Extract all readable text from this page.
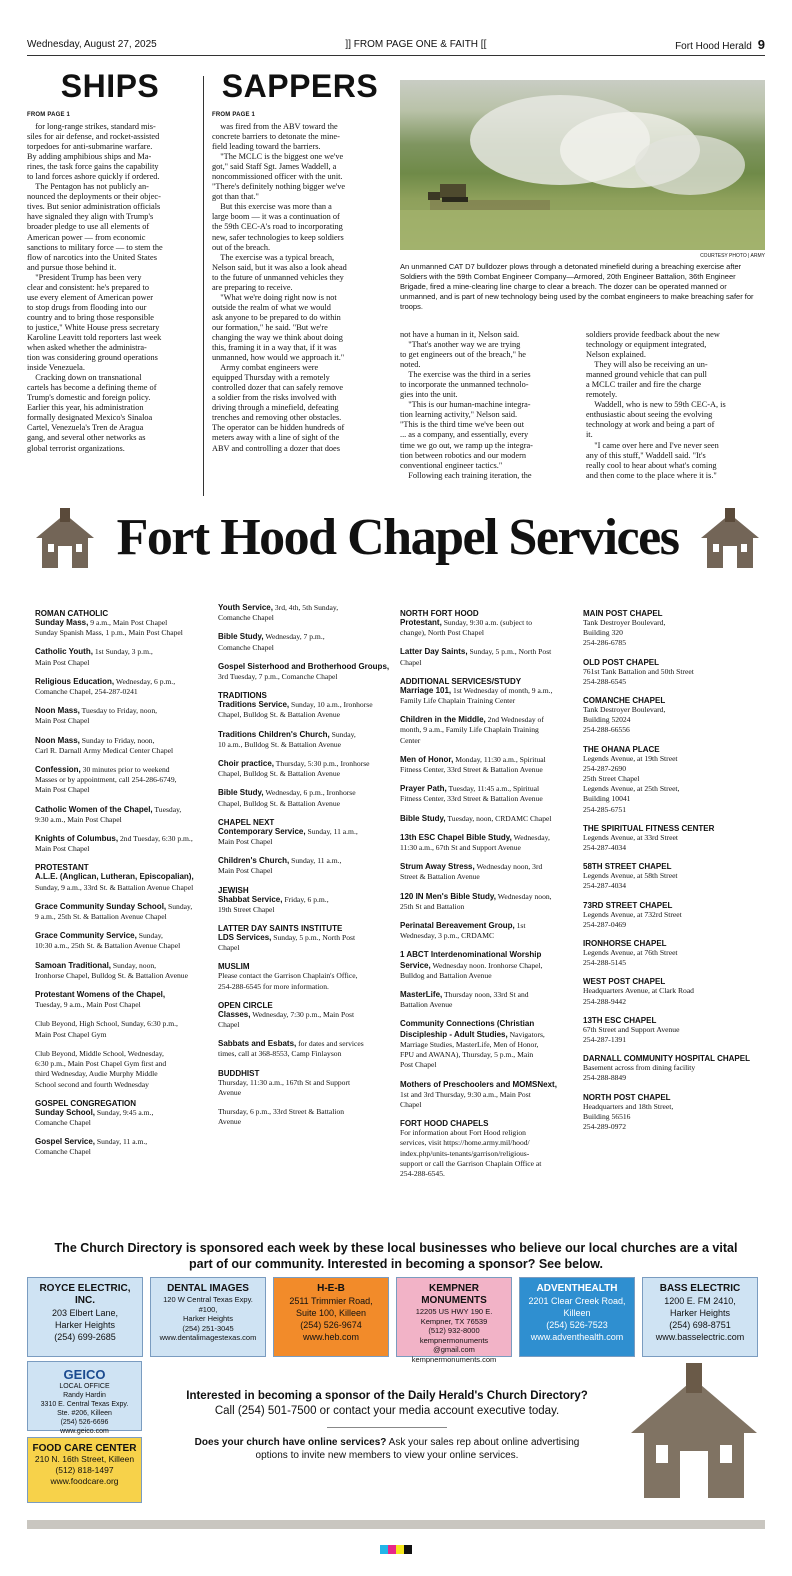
Wednesday, August 27, 2025	]] FROM PAGE ONE & FAITH [[	Fort Hood Herald 9
SHIPS
FROM PAGE 1
for long-range strikes, standard mis-
siles for air defense, and rocket-assisted
torpedoes for anti-submarine warfare.
By adding amphibious ships and Ma-
rines, the task force gains the capability
to land forces ashore quickly if ordered.
The Pentagon has not publicly an-
nounced the deployments or their objec-
tives. But senior administration officials
have signaled they align with Trump's
broader pledge to use all elements of
American power — from economic
sanctions to military force — to stem the
flow of narcotics into the United States
and pursue those behind it.
"President Trump has been very
clear and consistent: he's prepared to
use every element of American power
to stop drugs from flooding into our
country and to bring those responsible
to justice," White House press secretary
Karoline Leavitt told reporters last week
when asked whether the administra-
tion was considering ground operations
inside Venezuela.
Cracking down on transnational
cartels has become a defining theme of
Trump's domestic and foreign policy.
Earlier this year, his administration
formally designated Mexico's Sinaloa
Cartel, Venezuela's Tren de Aragua
gang, and several other networks as
global terrorist organizations.
SAPPERS
FROM PAGE 1
was fired from the ABV toward the
concrete barriers to detonate the mine-
field leading toward the barriers.
"The MCLC is the biggest one we've
got," said Staff Sgt. James Waddell, a
noncommissioned officer with the unit.
"There's definitely nothing bigger we've
got than that."
But this exercise was more than a
large boom — it was a continuation of
the 59th CEC-A's road to incorporating
new, safer technologies to keep soldiers
out of the breach.
The exercise was a typical breach,
Nelson said, but it was also a look ahead
to the future of unmanned vehicles they
are preparing to receive.
"What we're doing right now is not
outside the realm of what we would
ask anyone to be prepared to do within
our formation," he said. "But we're
changing the way we think about doing
this, framing it in a way that, if it was
unmanned, how would we approach it."
Army combat engineers were
equipped Thursday with a remotely
controlled dozer that can safely remove
a soldier from the risks involved with
driving through a minefield, defeating
trenches and removing other obstacles.
The operator can be hidden hundreds of
meters away with a line of sight of the
ABV and controlling a dozer that does
COURTESY PHOTO | ARMY
An unmanned CAT D7 bulldozer plows through a detonated minefield during a breaching exercise after Soldiers with the 59th Combat Engineer Company—Armored, 20th Engineer Battalion, 36th Engineer Brigade, fired a mine-clearing line charge to clear a breach. The dozer can be operated manned or unmanned, and is part of new technology being used by the combat engineers to make breaching safer for troops.
not have a human in it, Nelson said.
"That's another way we are trying
to get engineers out of the breach," he
noted.
The exercise was the third in a series
to incorporate the unmanned technolo-
gies into the unit.
"This is our human-machine integra-
tion learning activity," Nelson said.
"This is the third time we've been out
... as a company, and essentially, every
time we go out, we ramp up the integra-
tion between robotics and our modern
conventional engineer tactics."
Following each training iteration, the
soldiers provide feedback about the new
technology or equipment integrated,
Nelson explained.
They will also be receiving an un-
manned ground vehicle that can pull
a MCLC trailer and fire the charge
remotely.
Waddell, who is new to 59th CEC-A, is
enthusiastic about seeing the evolving
technology at work and being a part of
it.
"I came over here and I've never seen
any of this stuff," Waddell said. "It's
really cool to hear about what's coming
and then come to the place where it is."
Fort Hood Chapel Services
ROMAN CATHOLIC
Sunday Mass, 9 a.m., Main Post Chapel
Sunday Spanish Mass, 1 p.m., Main Post Chapel
Catholic Youth, 1st Sunday, 3 p.m.,
Main Post Chapel
Religious Education, Wednesday, 6 p.m.,
Comanche Chapel, 254-287-0241
Noon Mass, Tuesday to Friday, noon,
Main Post Chapel
Noon Mass, Sunday to Friday, noon,
Carl R. Darnall Army Medical Center Chapel
Confession, 30 minutes prior to weekend
Masses or by appointment, call 254-286-6749,
Main Post Chapel
Catholic Women of the Chapel, Tuesday,
9:30 a.m., Main Post Chapel
Knights of Columbus, 2nd Tuesday, 6:30 p.m.,
Main Post Chapel
PROTESTANT
A.L.E. (Anglican, Lutheran, Episcopalian),
Sunday, 9 a.m., 33rd St. & Battalion Avenue Chapel
Grace Community Sunday School, Sunday,
9 a.m., 25th St. & Battalion Avenue Chapel
Grace Community Service, Sunday,
10:30 a.m., 25th St. & Battalion Avenue Chapel
Samoan Traditional, Sunday, noon,
Ironhorse Chapel, Bulldog St. & Battalion Avenue
Protestant Womens of the Chapel,
Tuesday, 9 a.m., Main Post Chapel
Club Beyond, High School, Sunday, 6:30 p.m.,
Main Post Chapel Gym
Club Beyond, Middle School, Wednesday,
6:30 p.m., Main Post Chapel Gym first and
third Wednesday, Audie Murphy Middle
School second and fourth Wednesday
GOSPEL CONGREGATION
Sunday School, Sunday, 9:45 a.m.,
Comanche Chapel
Gospel Service, Sunday, 11 a.m.,
Comanche Chapel
Youth Service, 3rd, 4th, 5th Sunday,
Comanche Chapel
Bible Study, Wednesday, 7 p.m.,
Comanche Chapel
Gospel Sisterhood and Brotherhood Groups,
3rd Tuesday, 7 p.m., Comanche Chapel
TRADITIONS
Traditions Service, Sunday, 10 a.m., Ironhorse
Chapel, Bulldog St. & Battalion Avenue
Traditions Children's Church, Sunday,
10 a.m., Bulldog St. & Battalion Avenue
Choir practice, Thursday, 5:30 p.m., Ironhorse
Chapel, Bulldog St. & Battalion Avenue
Bible Study, Wednesday, 6 p.m., Ironhorse
Chapel, Bulldog St. & Battalion Avenue
CHAPEL NEXT
Contemporary Service, Sunday, 11 a.m.,
Main Post Chapel
Children's Church, Sunday, 11 a.m.,
Main Post Chapel
JEWISH
Shabbat Service, Friday, 6 p.m.,
19th Street Chapel
LATTER DAY SAINTS INSTITUTE
LDS Services, Sunday, 5 p.m., North Post
Chapel
MUSLIM
Please contact the Garrison Chaplain's Office,
254-288-6545 for more information.
OPEN CIRCLE
Classes, Wednesday, 7:30 p.m., Main Post
Chapel
Sabbats and Esbats, for dates and services
times, call at 368-8553, Camp Finlayson
BUDDHIST
Thursday, 11:30 a.m., 167th St and Support
Avenue
Thursday, 6 p.m., 33rd Street & Battalion
Avenue
NORTH FORT HOOD
Protestant, Sunday, 9:30 a.m. (subject to
change), North Post Chapel
Latter Day Saints, Sunday, 5 p.m., North Post
Chapel
ADDITIONAL SERVICES/STUDY
Marriage 101, 1st Wednesday of month, 9 a.m.,
Family Life Chaplain Training Center
Children in the Middle, 2nd Wednesday of
month, 9 a.m., Family Life Chaplain Training
Center
Men of Honor, Monday, 11:30 a.m., Spiritual
Fitness Center, 33rd Street & Battalion Avenue
Prayer Path, Tuesday, 11:45 a.m., Spiritual
Fitness Center, 33rd Street & Battalion Avenue
Bible Study, Tuesday, noon, CRDAMC Chapel
13th ESC Chapel Bible Study, Wednesday,
11:30 a.m., 67th St and Support Avenue
Strum Away Stress, Wednesday noon, 3rd
Street & Battalion Avenue
120 IN Men's Bible Study, Wednesday noon,
25th St and Battalion
Perinatal Bereavement Group, 1st
Wednesday, 3 p.m., CRDAMC
1 ABCT Interdenominational Worship
Service, Wednesday noon. Ironhorse Chapel,
Bulldog and Battalion Avenue
MasterLife, Thursday noon, 33rd St and
Battalion Avenue
Community Connections (Christian
Discipleship - Adult Studies, Navigators,
Marriage Studies, MasterLife, Men of Honor,
FPU and AWANA), Thursday, 5 p.m., Main
Post Chapel
Mothers of Preschoolers and MOMSNext,
1st and 3rd Thursday, 9:30 a.m., Main Post
Chapel
FORT HOOD CHAPELS
For information about Fort Hood religion
services, visit https://home.army.mil/hood/
index.php/units-tenants/garrison/religious-
support or call the Garrison Chaplain Office at
254-288-6545.
MAIN POST CHAPEL
Tank Destroyer Boulevard,
Building 320
254-286-6785
OLD POST CHAPEL
761st Tank Battalion and 50th Street
254-288-6545
COMANCHE CHAPEL
Tank Destroyer Boulevard,
Building 52024
254-288-66556
THE OHANA PLACE
Legends Avenue, at 19th Street
254-287-2690
25th Street Chapel
Legends Avenue, at 25th Street,
Building 10041
254-285-6751
THE SPIRITUAL FITNESS CENTER
Legends Avenue, at 33rd Street
254-287-4034
58TH STREET CHAPEL
Legends Avenue, at 58th Street
254-287-4034
73RD STREET CHAPEL
Legends Avenue, at 732rd Street
254-287-0469
IRONHORSE CHAPEL
Legends Avenue, at 76th Street
254-288-5145
WEST POST CHAPEL
Headquarters Avenue, at Clark Road
254-288-9442
13TH ESC CHAPEL
67th Street and Support Avenue
254-287-1391
DARNALL COMMUNITY HOSPITAL CHAPEL
Basement across from dining facility
254-288-8849
NORTH POST CHAPEL
Headquarters and 18th Street,
Building 56516
254-289-0972
The Church Directory is sponsored each week by these local businesses who believe our local churches are a vital part of our community. Interested in becoming a sponsor? See below.
ROYCE ELECTRIC, INC.
203 Elbert Lane,
Harker Heights
(254) 699-2685
DENTAL IMAGES
120 W Central Texas Expy. #100,
Harker Heights
(254) 251-3045
www.dentalimagestexas.com
H-E-B
2511 Trimmier Road,
Suite 100, Killeen
(254) 526-9674
www.heb.com
KEMPNER MONUMENTS
12205 US HWY 190 E.
Kempner, TX 76539
(512) 932-8000
kempnermonuments
@gmail.com
kempnermonuments.com
ADVENTHEALTH
2201 Clear Creek Road,
Killeen
(254) 526-7523
www.adventhealth.com
BASS ELECTRIC
1200 E. FM 2410,
Harker Heights
(254) 698-8751
www.basselectric.com
GEICO
LOCAL OFFICE
Randy Hardin
3310 E. Central Texas Expy.
Ste. #206, Killeen
(254) 526-6696
www.geico.com
FOOD CARE CENTER
210 N. 16th Street, Killeen
(512) 818-1497
www.foodcare.org
Interested in becoming a sponsor of the Daily Herald's Church Directory?
Call (254) 501-7500 or contact your media account executive today.
Does your church have online services? Ask your sales rep about online advertising options to invite new members to view your online services.
